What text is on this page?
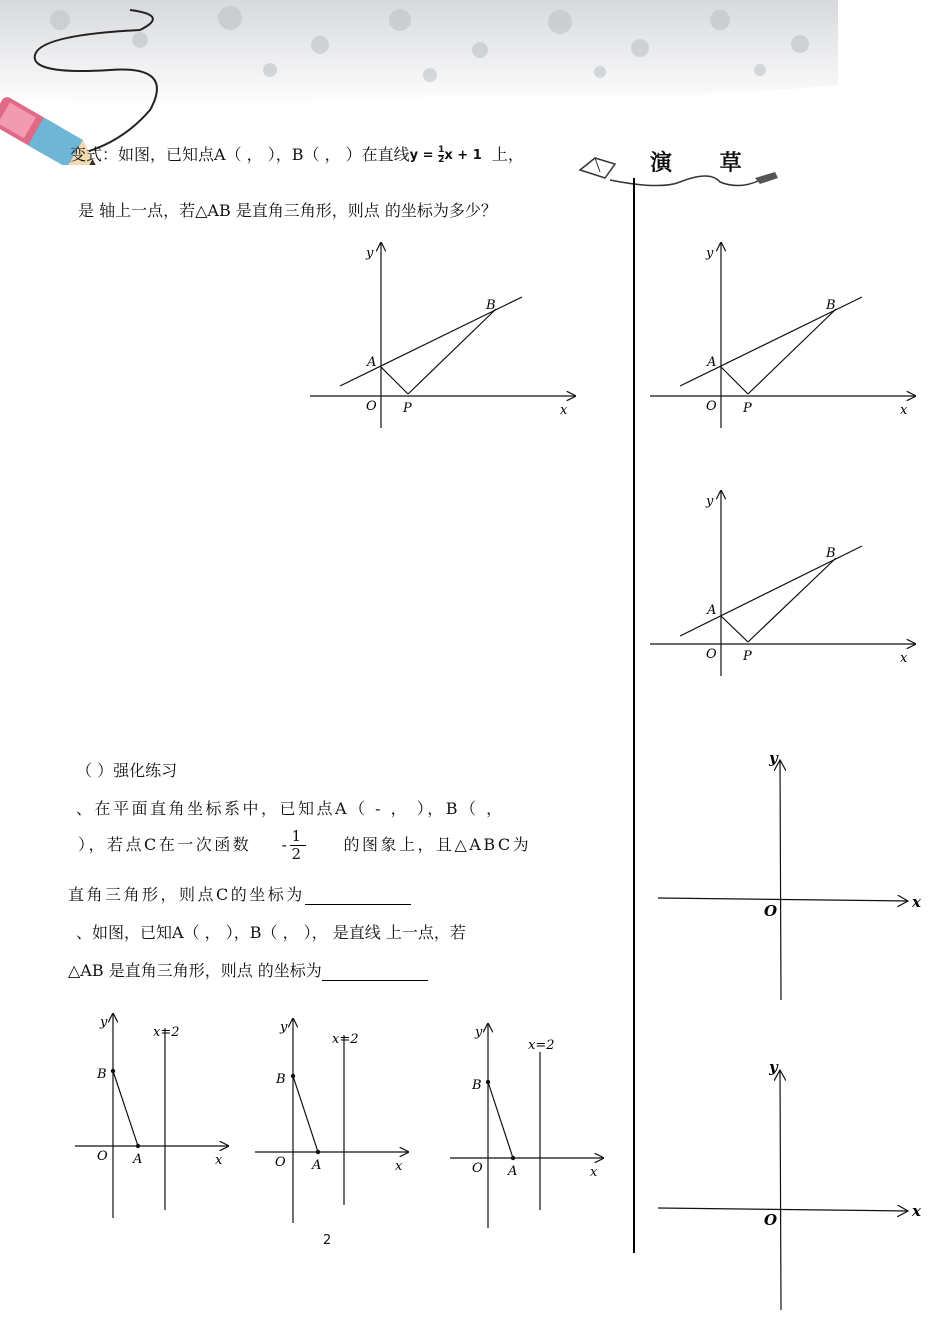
演 草
变式：如图，已知点A（ ， ），B（ ， ）在直线$y = \frac{1}{2}$ x + 1 上，
是 轴上一点，若△AB 是直角三角形，则点 的坐标为多少？
y
x
O
A
B
P
y
x
O
A
B
P
y
x
O
A
B
P
y
x
O
y
x
O
（ ）强化练习
、在平面直角坐标系中，已知点A（ - ， ），B（ ，
），若点C在一次函数 - $\frac{1}{2}$ 的图象上，且△ABC为
直角三角形，则点C的坐标为
、如图，已知A（ ， ），B（ ， ）， 是直线 上一点，若
△AB 是直角三角形，则点 的坐标为
y
x
O
B
A
x=2	y
x
O
B
A
x=2	y
x
O
B
A
x=2
2
